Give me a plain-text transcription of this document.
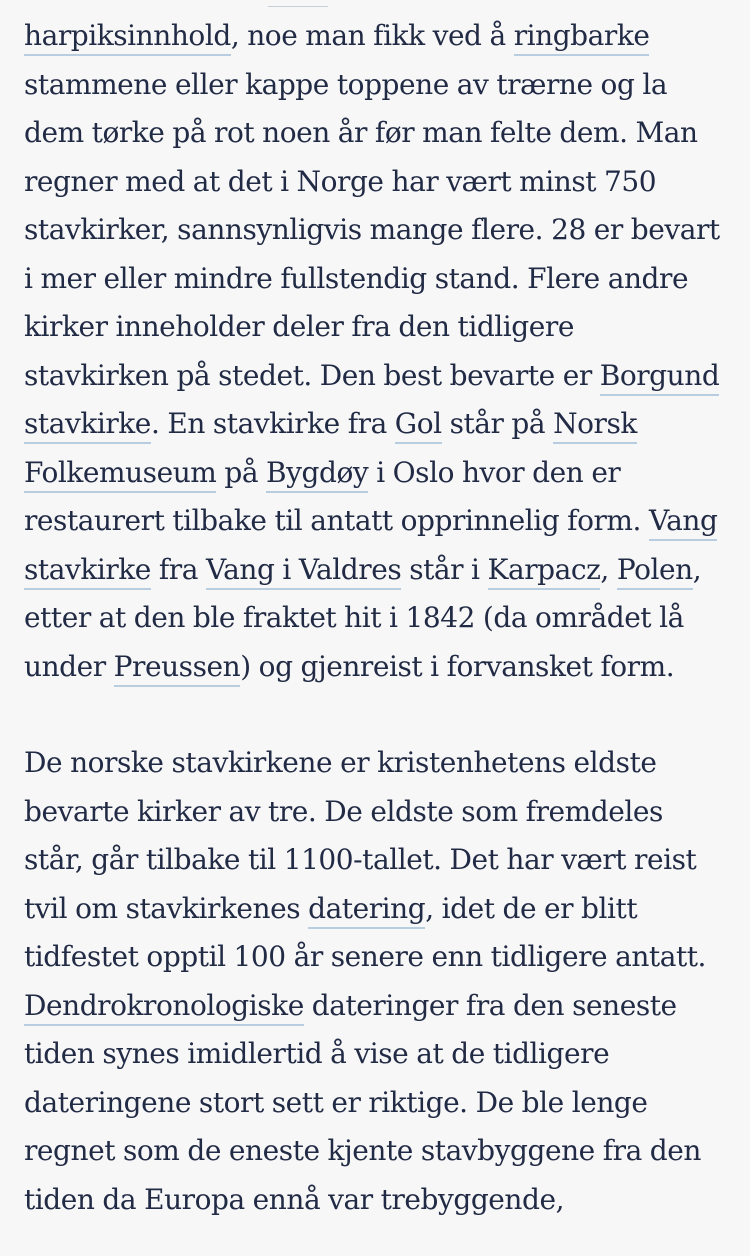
harpiksinnhold, noe man fikk ved å ringbarke stammene eller kappe toppene av trærne og la dem tørke på rot noen år før man felte dem. Man regner med at det i Norge har vært minst 750 stavkirker, sannsynligvis mange flere. 28 er bevart i mer eller mindre fullstendig stand. Flere andre kirker inneholder deler fra den tidligere stavkirken på stedet. Den best bevarte er Borgund stavkirke. En stavkirke fra Gol står på Norsk Folkemuseum på Bygdøy i Oslo hvor den er restaurert tilbake til antatt opprinnelig form. Vang stavkirke fra Vang i Valdres står i Karpacz, Polen, etter at den ble fraktet hit i 1842 (da området lå under Preussen) og gjenreist i forvansket form.

De norske stavkirkene er kristenhetens eldste bevarte kirker av tre. De eldste som fremdeles står, går tilbake til 1100-tallet. Det har vært reist tvil om stavkirkenes datering, idet de er blitt tidfestet opptil 100 år senere enn tidligere antatt. Dendrokronologiske dateringer fra den seneste tiden synes imidlertid å vise at de tidligere dateringene stort sett er riktige. De ble lenge regnet som de eneste kjente stavbyggene fra den tiden da Europa ennå var trebyggende,
